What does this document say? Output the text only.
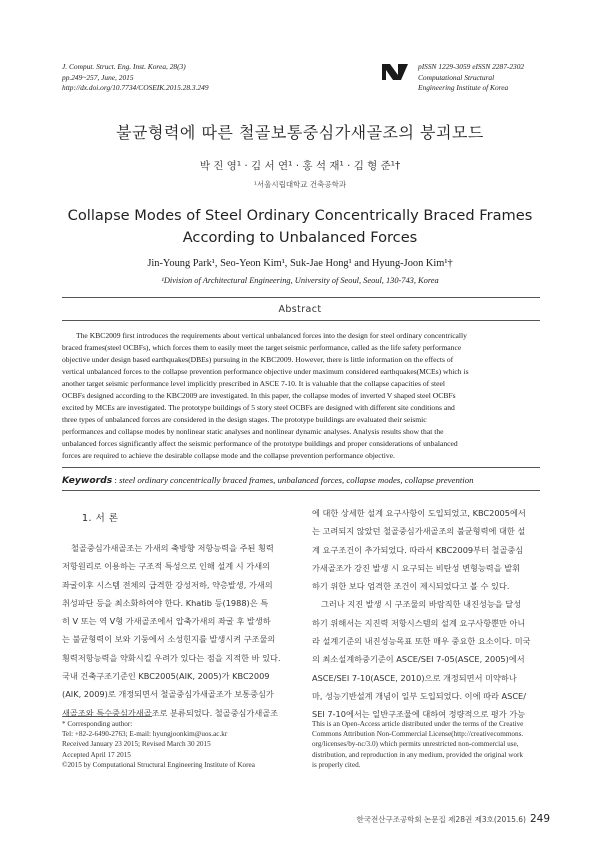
J. Comput. Struct. Eng. Inst. Korea, 28(3)
pp.249~257, June, 2015
http://dx.doi.org/10.7734/COSEIK.2015.28.3.249
pISSN 1229-3059 eISSN 2287-2302
Computational Structural
Engineering Institute of Korea
불균형력에 따른 철골보통중심가새골조의 붕괴모드
박 진 영¹ · 김 서 연¹ · 홍 석 재¹ · 김 형 준¹†
¹서울시립대학교 건축공학과
Collapse Modes of Steel Ordinary Concentrically Braced Frames
According to Unbalanced Forces
Jin-Young Park¹, Seo-Yeon Kim¹, Suk-Jae Hong¹ and Hyung-Joon Kim¹†
¹Division of Architectural Engineering, University of Seoul, Seoul, 130-743, Korea
Abstract
The KBC2009 first introduces the requirements about vertical unbalanced forces into the design for steel ordinary concentrically
braced frames(steel OCBFs), which forces them to easily meet the target seismic performance, called as the life safety performance
objective under design based earthquakes(DBEs) pursuing in the KBC2009. However, there is little information on the effects of
vertical unbalanced forces to the collapse prevention performance objective under maximum considered earthquakes(MCEs) which is
another target seismic performance level implicitly prescribed in ASCE 7-10. It is valuable that the collapse capacities of steel
OCBFs designed according to the KBC2009 are investigated. In this paper, the collapse modes of inverted V shaped steel OCBFs
excited by MCEs are investigated. The prototype buildings of 5 story steel OCBFs are designed with different site conditions and
three types of unbalanced forces are considered in the design stages. The prototype buildings are evaluated their seismic
performances and collapse modes by nonlinear static analyses and nonlinear dynamic analyses. Analysis results show that the
unbalanced forces significantly affect the seismic performance of the prototype buildings and proper considerations of unbalanced
forces are required to achieve the desirable collapse mode and the collapse prevention performance objective.
Keywords : steel ordinary concentrically braced frames, unbalanced forces, collapse modes, collapse prevention
1. 서 론
철골중심가새골조는 가새의 축방향 저항능력을 주된 횡력
저항원리로 이용하는 구조적 특성으로 인해 설계 시 가새의
좌굴이후 시스템 전체의 급격한 강성저하, 약층발생, 가새의
취성파단 등을 최소화하여야 한다. Khatib 등(1988)은 특
히 V 또는 역 V형 가새골조에서 압축가새의 좌굴 후 발생하
는 불균형력이 보와 기둥에서 소성힌지를 발생시켜 구조물의
횡력저항능력을 약화시킬 우려가 있다는 점을 지적한 바 있다.
국내 건축구조기준인 KBC2005(AIK, 2005)가 KBC2009
(AIK, 2009)로 개정되면서 철골중심가새골조가 보통중심가
새골조와 특수중심가새골조로 분류되었다. 철골중심가새골조
에 대한 상세한 설계 요구사항이 도입되었고, KBC2005에서
는 고려되지 않았던 철골중심가새골조의 불균형력에 대한 설
계 요구조건이 추가되었다. 따라서 KBC2009부터 철골중심
가새골조가 강진 발생 시 요구되는 비탄성 변형능력을 발휘
하기 위한 보다 엄격한 조건이 제시되었다고 볼 수 있다.
그러나 지진 발생 시 구조물의 바람직한 내진성능을 달성
하기 위해서는 지진력 저항시스템의 설계 요구사항뿐만 아니
라 설계기준의 내진성능목표 또한 매우 중요한 요소이다. 미국
의 최소설계하중기준이 ASCE/SEI 7-05(ASCE, 2005)에서
ASCE/SEI 7-10(ASCE, 2010)으로 개정되면서 미약하나
마, 성능기반설계 개념이 일부 도입되었다. 이에 따라 ASCE/
SEI 7-10에서는 일반구조물에 대하여 정량적으로 평가 가능
* Corresponding author:
Tel: +82-2-6490-2763; E-mail: hyungjoonkim@uos.ac.kr
Received January 23 2015; Revised March 30 2015
Accepted April 17 2015
©2015 by Computational Structural Engineering Institute of Korea
This is an Open-Access article distributed under the terms of the Creative
Commons Attribution Non-Commercial License(http://creativecommons.
org/licenses/by-nc/3.0) which permits unrestricted non-commercial use,
distribution, and reproduction in any medium, provided the original work
is properly cited.
한국전산구조공학회 논문집 제28권 제3호(2015.6) 249
